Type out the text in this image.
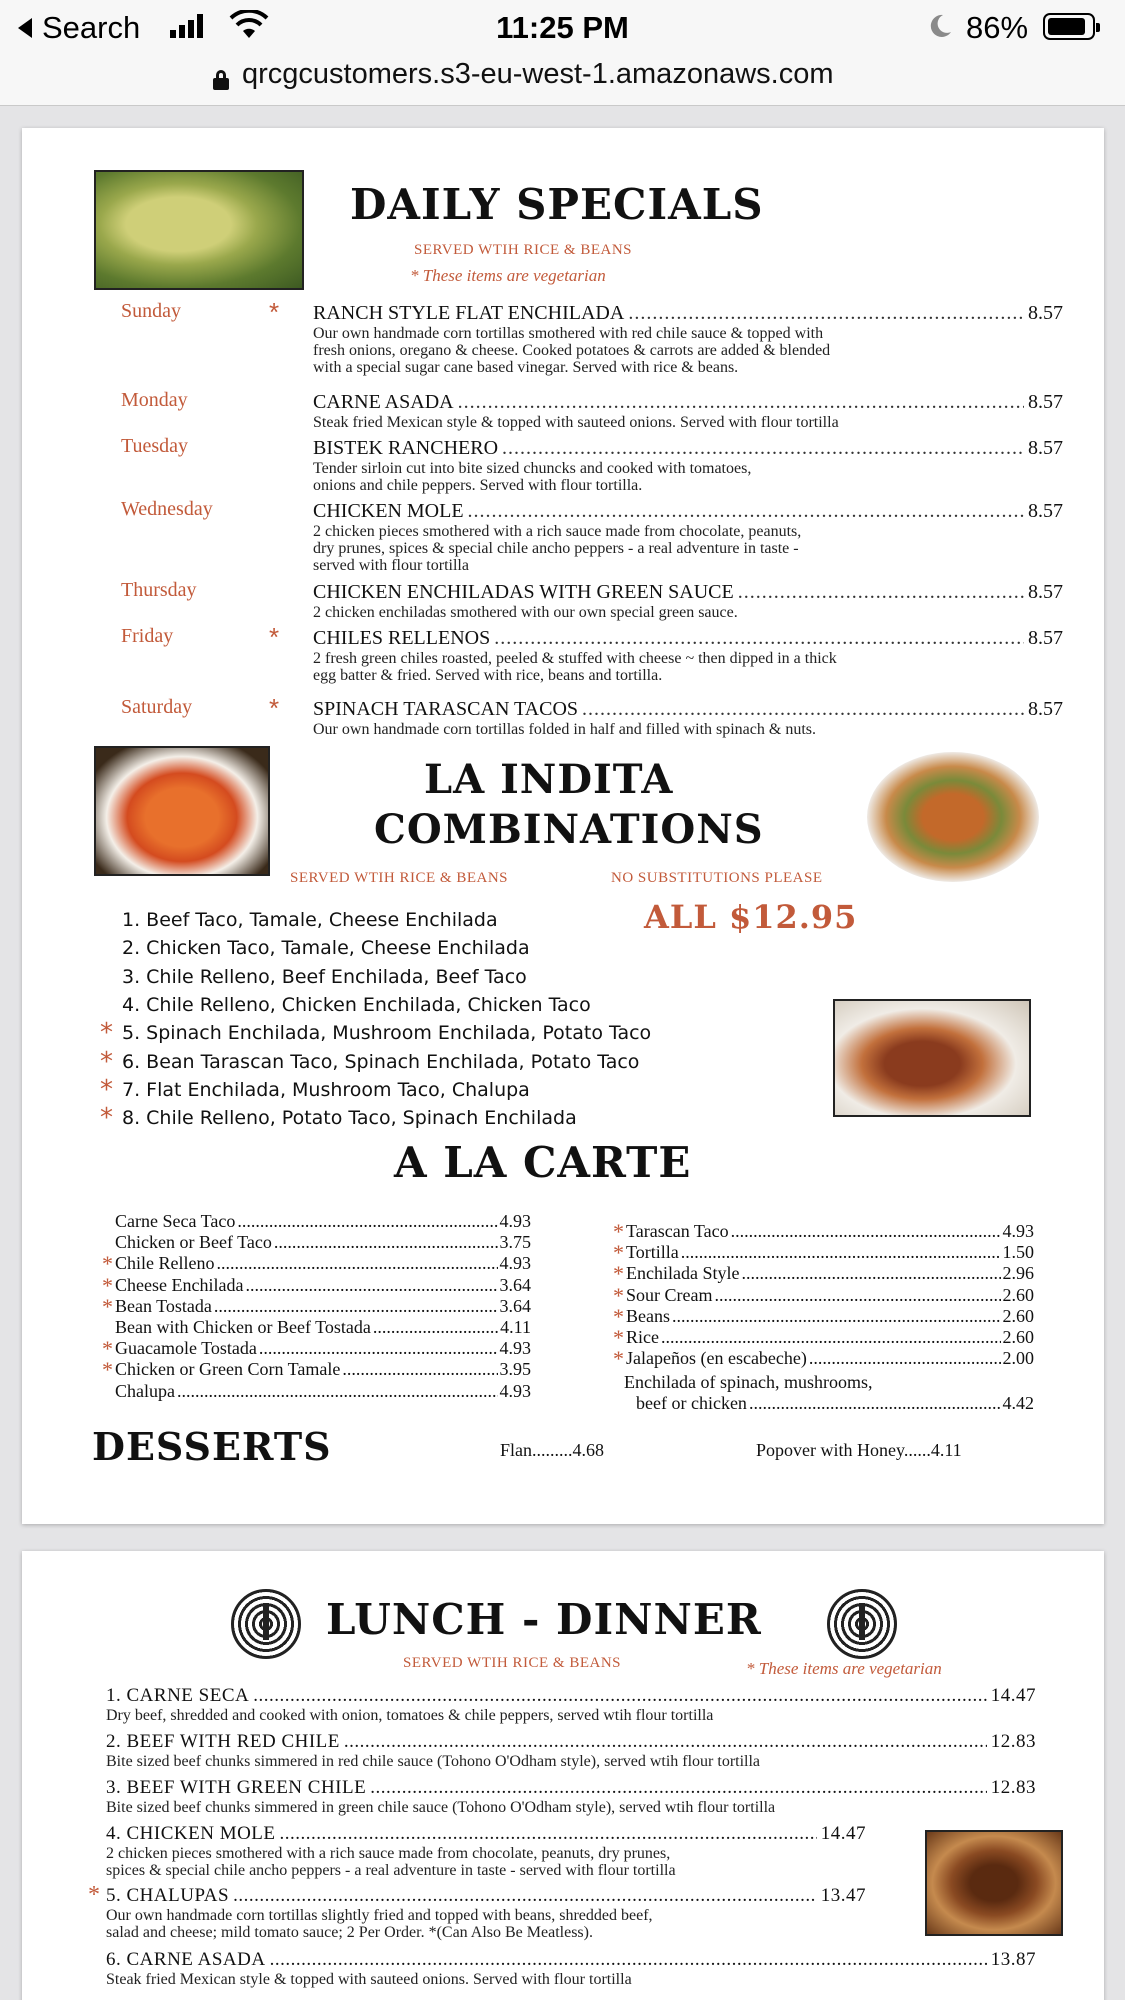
Search	11:25 PM	86%
qrcgcustomers.s3-eu-west-1.amazonaws.com
DAILY SPECIALS
SERVED WTIH RICE & BEANS
* These items are vegetarian
Sunday	* RANCH STYLE FLAT ENCHILADA .....	8.57
Our own handmade corn tortillas smothered with red chile sauce & topped with
fresh onions, oregano & cheese. Cooked potatoes & carrots are added & blended
with a special sugar cane based vinegar. Served with rice & beans.
Monday	CARNE ASADA .....	8.57
Steak fried Mexican style & topped with sauteed onions. Served with flour tortilla
Tuesday	BISTEK RANCHERO .....	8.57
Tender sirloin cut into bite sized chuncks and cooked with tomatoes,
onions and chile peppers. Served with flour tortilla.
Wednesday	CHICKEN MOLE .....	8.57
2 chicken pieces smothered with a rich sauce made from chocolate, peanuts,
dry prunes, spices & special chile ancho peppers - a real adventure in taste -
served with flour tortilla
Thursday	CHICKEN ENCHILADAS WITH GREEN SAUCE .....	8.57
2 chicken enchiladas smothered with our own special green sauce.
Friday	* CHILES RELLENOS .....	8.57
2 fresh green chiles roasted, peeled & stuffed with cheese ~ then dipped in a thick
egg batter & fried. Served with rice, beans and tortilla.
Saturday	* SPINACH TARASCAN TACOS .....	8.57
Our own handmade corn tortillas folded in half and filled with spinach & nuts.
LA INDITA
COMBINATIONS
SERVED WTIH RICE & BEANS	NO SUBSTITUTIONS PLEASE
ALL $12.95
1. Beef Taco, Tamale, Cheese Enchilada
2. Chicken Taco, Tamale, Cheese Enchilada
3. Chile Relleno, Beef Enchilada, Beef Taco
4. Chile Relleno, Chicken Enchilada, Chicken Taco
* 5. Spinach Enchilada, Mushroom Enchilada, Potato Taco
* 6. Bean Tarascan Taco, Spinach Enchilada, Potato Taco
* 7. Flat Enchilada, Mushroom Taco, Chalupa
* 8. Chile Relleno, Potato Taco, Spinach Enchilada
A LA CARTE
Carne Seca Taco .....	4.93
Chicken or Beef Taco .....	3.75
* Chile Relleno .....	4.93
* Cheese Enchilada .....	3.64
* Bean Tostada .....	3.64
Bean with Chicken or Beef Tostada .....	4.11
* Guacamole Tostada .....	4.93
* Chicken or Green Corn Tamale .....	3.95
Chalupa .....	4.93
* Tarascan Taco .....	4.93
* Tortilla .....	1.50
* Enchilada Style .....	2.96
* Sour Cream .....	2.60
* Beans .....	2.60
* Rice .....	2.60
* Jalapeños (en escabeche) .....	2.00
Enchilada of spinach, mushrooms,
beef or chicken .....	4.42
DESSERTS	Flan.........4.68	Popover with Honey......4.11
LUNCH - DINNER
SERVED WTIH RICE & BEANS	* These items are vegetarian
1. CARNE SECA .....	14.47
Dry beef, shredded and cooked with onion, tomatoes & chile peppers, served wtih flour tortilla
2. BEEF WITH RED CHILE .....	12.83
Bite sized beef chunks simmered in red chile sauce (Tohono O'Odham style), served wtih flour tortilla
3. BEEF WITH GREEN CHILE .....	12.83
Bite sized beef chunks simmered in green chile sauce (Tohono O'Odham style), served wtih flour tortilla
4. CHICKEN MOLE .....	14.47
2 chicken pieces smothered with a rich sauce made from chocolate, peanuts, dry prunes,
spices & special chile ancho peppers - a real adventure in taste - served with flour tortilla
* 5. CHALUPAS .....	13.47
Our own handmade corn tortillas slightly fried and topped with beans, shredded beef,
salad and cheese; mild tomato sauce; 2 Per Order. *(Can Also Be Meatless).
6. CARNE ASADA .....	13.87
Steak fried Mexican style & topped with sauteed onions. Served with flour tortilla
